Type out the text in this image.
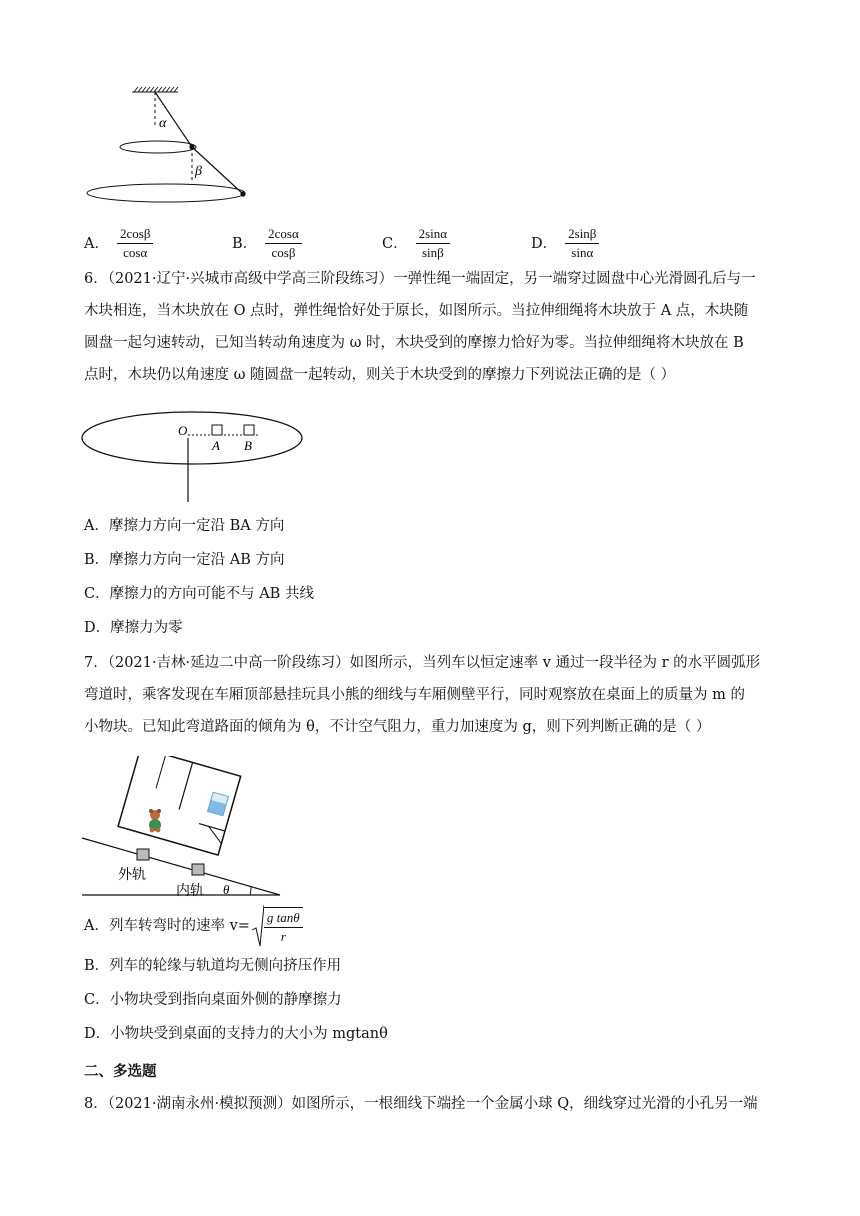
α
β
A． $\frac{2\cos\beta}{\cos\alpha}$	B． $\frac{2\cos\alpha}{\cos\beta}$	C． $\frac{2\sin\alpha}{\sin\beta}$	D． $\frac{2\sin\beta}{\sin\alpha}$
6．（2021·辽宁·兴城市高级中学高三阶段练习）一弹性绳一端固定，另一端穿过圆盘中心光滑圆孔后与一
木块相连，当木块放在 O 点时，弹性绳恰好处于原长，如图所示。当拉伸细绳将木块放于 A 点，木块随
圆盘一起匀速转动，已知当转动角速度为 ω 时，木块受到的摩擦力恰好为零。当拉伸细绳将木块放在 B
点时，木块仍以角速度 ω 随圆盘一起转动，则关于木块受到的摩擦力下列说法正确的是（ ）
O
A B
A．摩擦力方向一定沿 BA 方向
B．摩擦力方向一定沿 AB 方向
C．摩擦力的方向可能不与 AB 共线
D．摩擦力为零
7．（2021·吉林·延边二中高一阶段练习）如图所示，当列车以恒定速率 v 通过一段半径为 r 的水平圆弧形
弯道时，乘客发现在车厢顶部悬挂玩具小熊的细线与车厢侧壁平行，同时观察放在桌面上的质量为 m 的
小物块。已知此弯道路面的倾角为 θ，不计空气阻力，重力加速度为 g，则下列判断正确的是（ ）
外轨
内轨 θ
A．列车转弯时的速率 $v= \frac{\text{g tanθ}}{r}$
B．列车的轮缘与轨道均无侧向挤压作用
C．小物块受到指向桌面外侧的静摩擦力
D．小物块受到桌面的支持力的大小为 mgtanθ
二、多选题
8．（2021·湖南永州·模拟预测）如图所示，一根细线下端拴一个金属小球 Q，细线穿过光滑的小孔另一端
